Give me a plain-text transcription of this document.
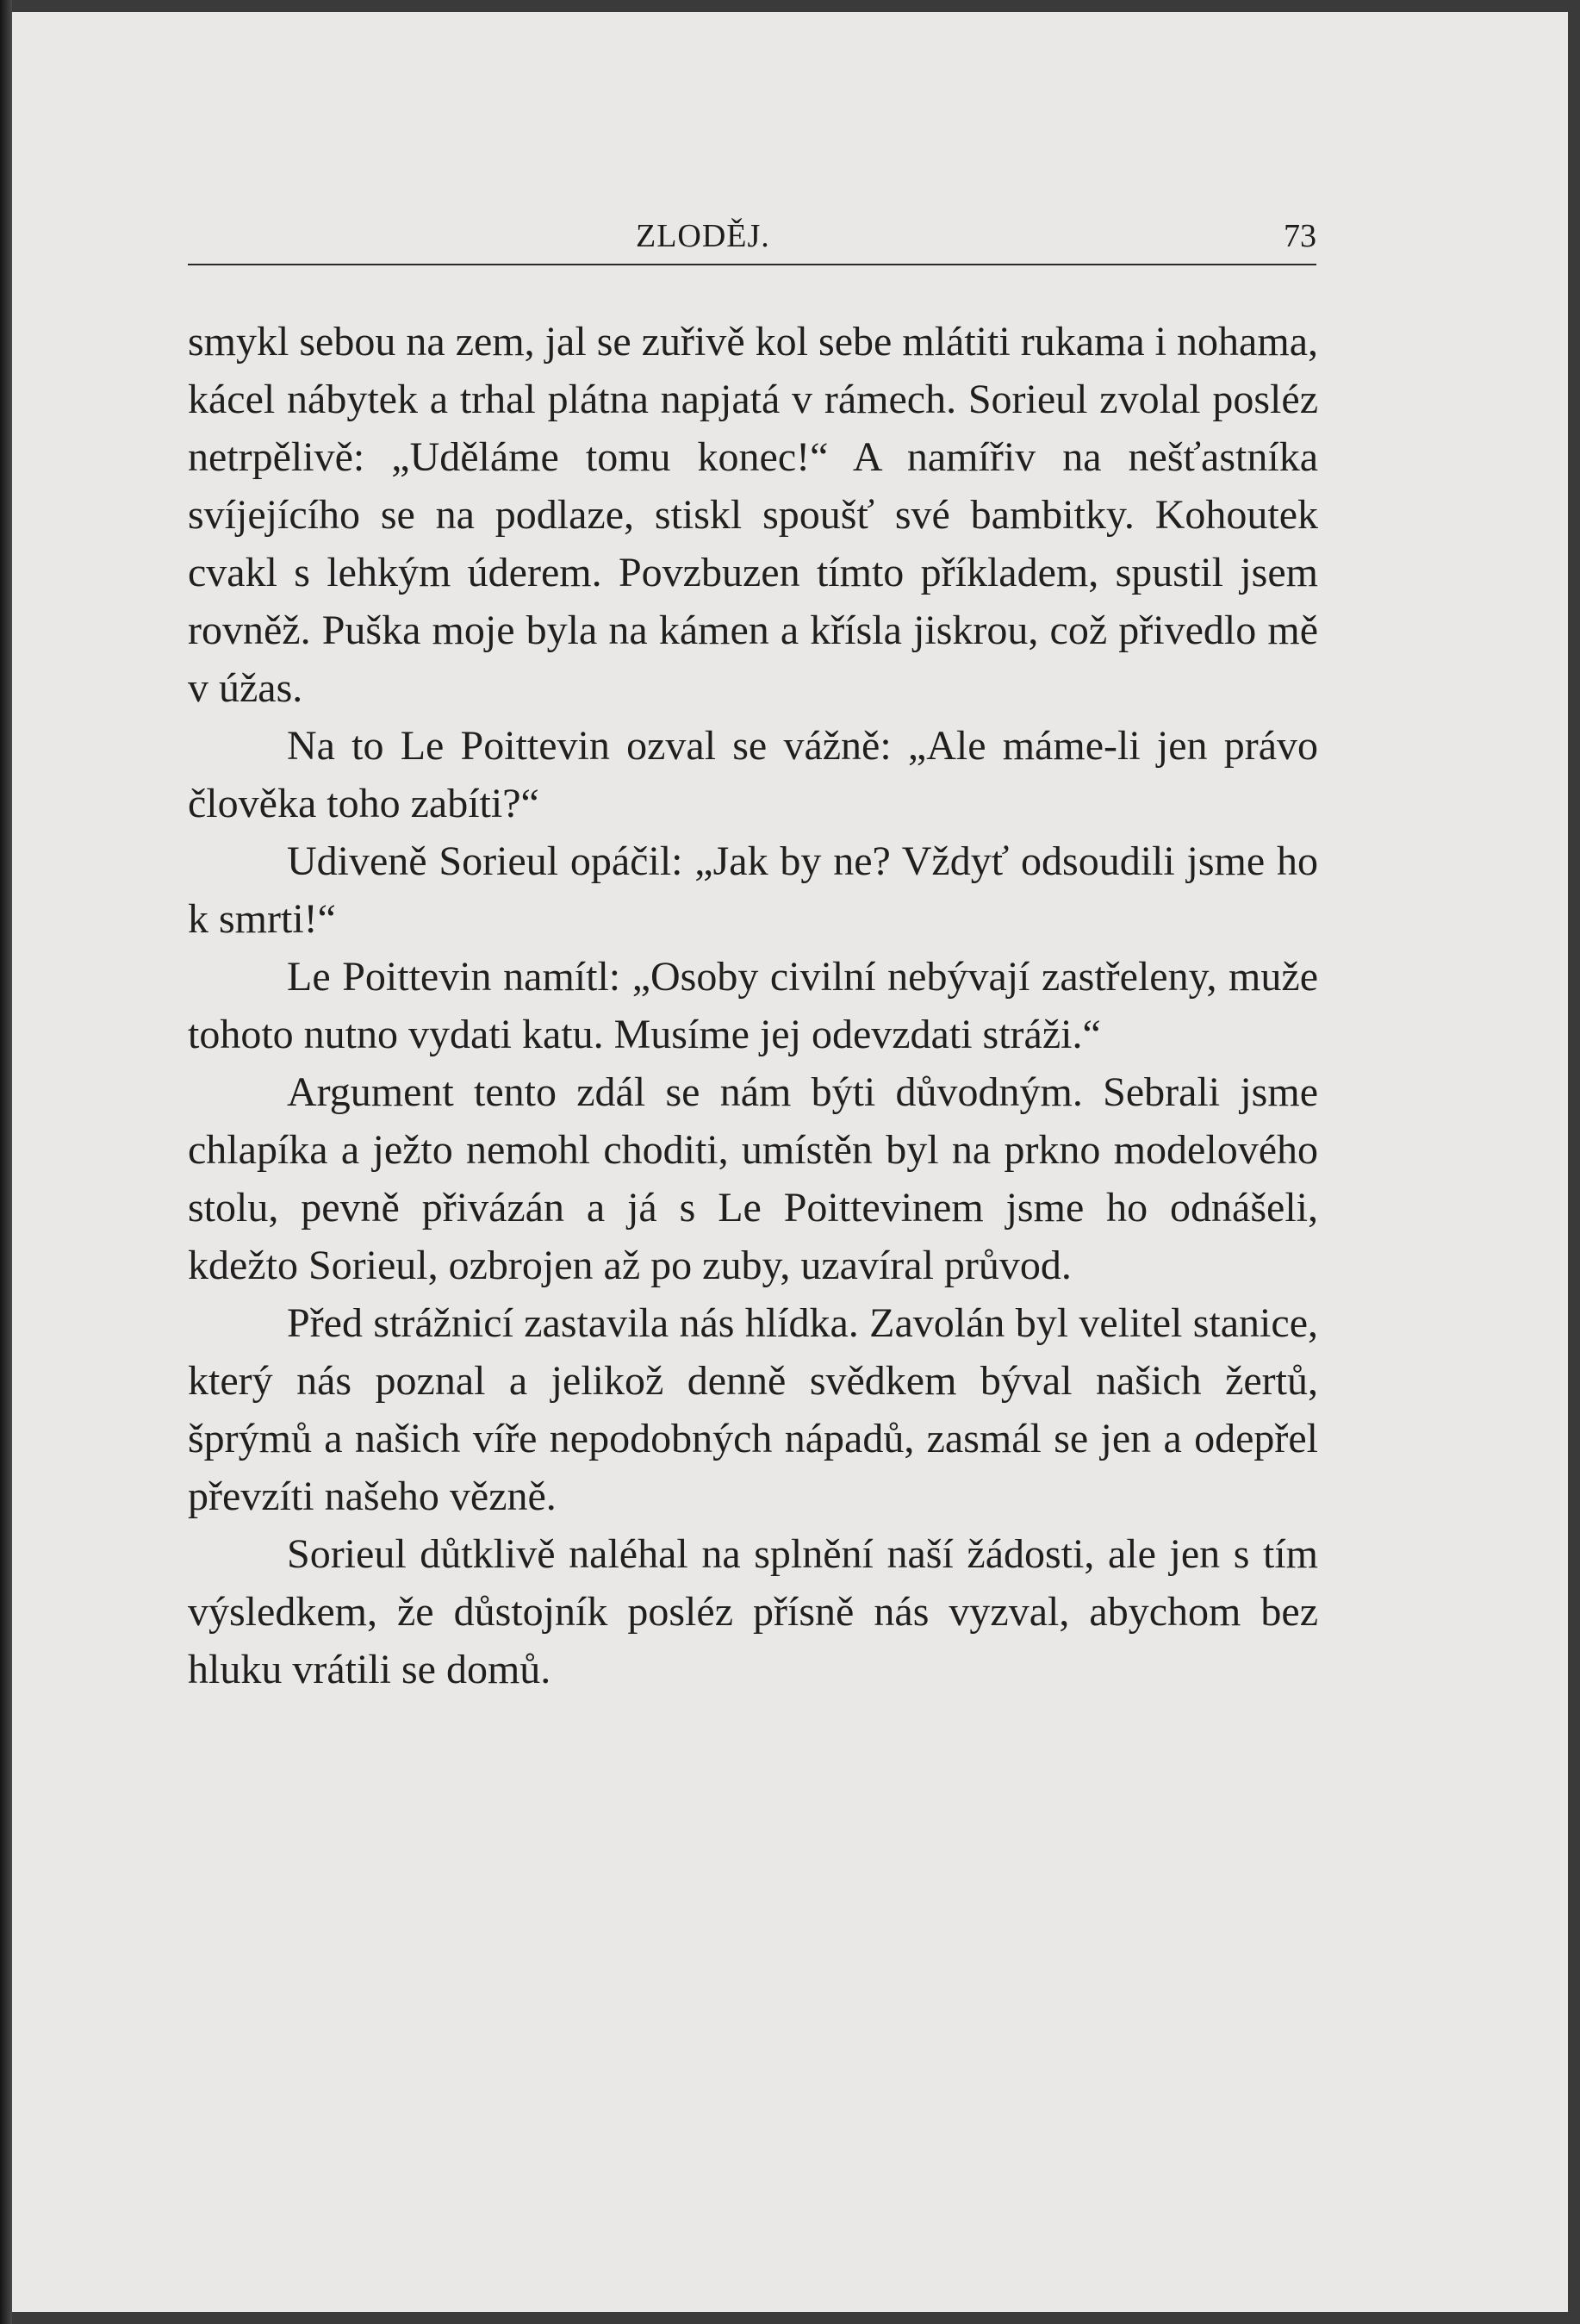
ZLODĚJ.	73

smykl sebou na zem, jal se zuřivě kol sebe mlátiti rukama i nohama, kácel nábytek a trhal plátna napjatá v rámech. Sorieul zvolal posléz netrpělivě: „Uděláme tomu konec!“ A namířiv na nešťastníka svíjejícího se na podlaze, stiskl spoušť své bambitky. Kohoutek cvakl s lehkým úderem. Povzbuzen tímto příkladem, spustil jsem rovněž. Puška moje byla na kámen a křísla jiskrou, což přivedlo mě v úžas.

Na to Le Poittevin ozval se vážně: „Ale máme-li jen právo člověka toho zabíti?“

Udiveně Sorieul opáčil: „Jak by ne? Vždyť odsoudili jsme ho k smrti!“

Le Poittevin namítl: „Osoby civilní nebývají zastřeleny, muže tohoto nutno vydati katu. Musíme jej odevzdati stráži.“

Argument tento zdál se nám býti důvodným. Sebrali jsme chlapíka a ježto nemohl choditi, umístěn byl na prkno modelového stolu, pevně přivázán a já s Le Poittevinem jsme ho odnášeli, kdežto Sorieul, ozbrojen až po zuby, uzavíral průvod.

Před strážnicí zastavila nás hlídka. Zavolán byl velitel stanice, který nás poznal a jelikož denně svědkem býval našich žertů, šprýmů a našich víře nepodobných nápadů, zasmál se jen a odepřel převzíti našeho vězně.

Sorieul důtklivě naléhal na splnění naší žádosti, ale jen s tím výsledkem, že důstojník posléz přísně nás vyzval, abychom bez hluku vrátili se domů.
